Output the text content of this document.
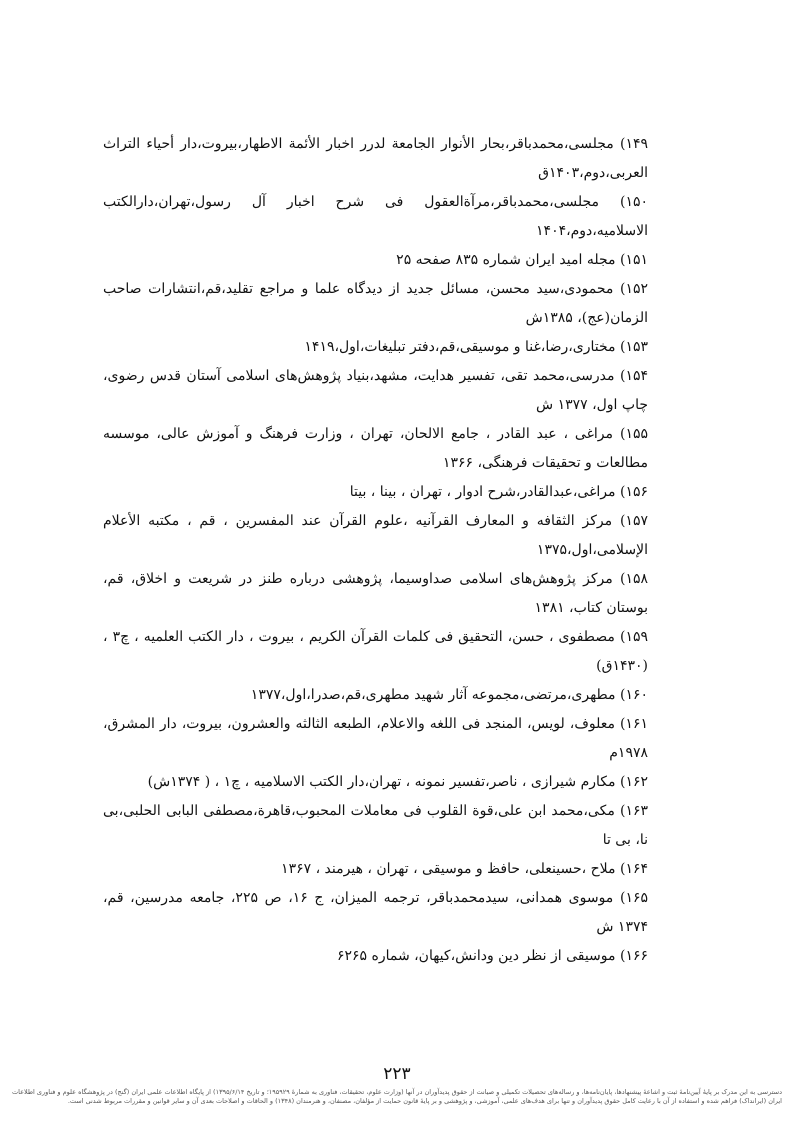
۱۴۹) مجلسی،محمدباقر،بحار الأنوار الجامعة لدرر اخبار الأئمة الاطهار،بیروت،دار أحیاء التراث العربی،دوم،۱۴۰۳ق

۱۵۰) مجلسی،محمدباقر،مرآةالعقول فی شرح اخبار آل رسول،تهران،دارالکتب الاسلامیه،دوم،۱۴۰۴

۱۵۱) مجله امید ایران شماره ۸۳۵ صفحه ۲۵

۱۵۲) محمودی،سید محسن، مسائل جدید از دیدگاه علما و مراجع تقلید،قم،انتشارات صاحب الزمان(عج)، ۱۳۸۵ش

۱۵۳) مختاری،رضا،غنا و موسیقی،قم،دفتر تبلیغات،اول،۱۴۱۹

۱۵۴) مدرسی،محمد تقی، تفسیر هدایت، مشهد،بنیاد پژوهش‌های اسلامی آستان قدس رضوی، چاپ اول، ۱۳۷۷ ش

۱۵۵) مراغی ، عبد القادر ، جامع الالحان، تهران ، وزارت فرهنگ و آموزش عالی، موسسه مطالعات و تحقیقات فرهنگی، ۱۳۶۶

۱۵۶) مراغی،عبدالقادر،شرح ادوار ، تهران ، بینا ، بیتا

۱۵۷) مرکز الثقافه و المعارف القرآنیه ،علوم القرآن عند المفسرین ، قم ، مکتبه الأعلام الإسلامی،اول،۱۳۷۵

۱۵۸) مرکز پژوهش‌های اسلامی صداوسیما، پژوهشی درباره طنز در شریعت و اخلاق، قم، بوستان کتاب، ۱۳۸۱

۱۵۹) مصطفوی ، حسن، التحقیق فی کلمات القرآن الکریم ، بیروت ، دار الکتب العلمیه ، چ۳ ، (۱۴۳۰ق)

۱۶۰) مطهری،مرتضی،مجموعه آثار شهید مطهری،قم،صدرا،اول،۱۳۷۷

۱۶۱) معلوف، لویس، المنجد فی اللغه والاعلام، الطبعه الثالثه والعشرون، بیروت، دار المشرق، ۱۹۷۸م

۱۶۲) مکارم شیرازی ، ناصر،تفسیر نمونه ، تهران،دار الکتب الاسلامیه ، چ۱ ، ( ۱۳۷۴ش)

۱۶۳) مکی،محمد ابن علی،قوة القلوب فی معاملات المحبوب،قاهرة،مصطفی البابی الحلبی،بی نا، بی تا

۱۶۴) ملاح ،حسینعلی، حافظ و موسیقی ، تهران ، هیرمند ، ۱۳۶۷

۱۶۵) موسوی همدانی، سیدمحمدباقر، ترجمه المیزان، ج ۱۶، ص ۲۲۵، جامعه مدرسین، قم، ۱۳۷۴ ش

۱۶۶) موسیقی از نظر دین ودانش،کیهان، شماره ۶۲۶۵

۲۲۳
دسترسی به این مدرک بر پایهٔ آیین‌نامهٔ ثبت و اشاعهٔ پیشنهادها، پایان‌نامه‌ها، و رساله‌های تحصیلات تکمیلی و صیانت از حقوق پدیدآوران در آنها (وزارت علوم، تحقیقات، فناوری به شمارهٔ ۱۹۵۹۲۹؛ و تاریخ ۱۳۹۵/۶/۱۴) از پایگاه اطلاعات علمی ایران (گنج) در پژوهشگاه علوم و فناوری اطلاعات ایران (ایرانداک) فراهم شده و استفاده از آن با رعایت کامل حقوق پدیدآوران و تنها برای هدف‌های علمی، آموزشی، و پژوهشی و بر پایهٔ قانون حمایت از مؤلفان، مصنفان، و هنرمندان (۱۳۴۸) و الحاقات و اصلاحات بعدی آن و سایر قوانین و مقررات مربوط شدنی است.
